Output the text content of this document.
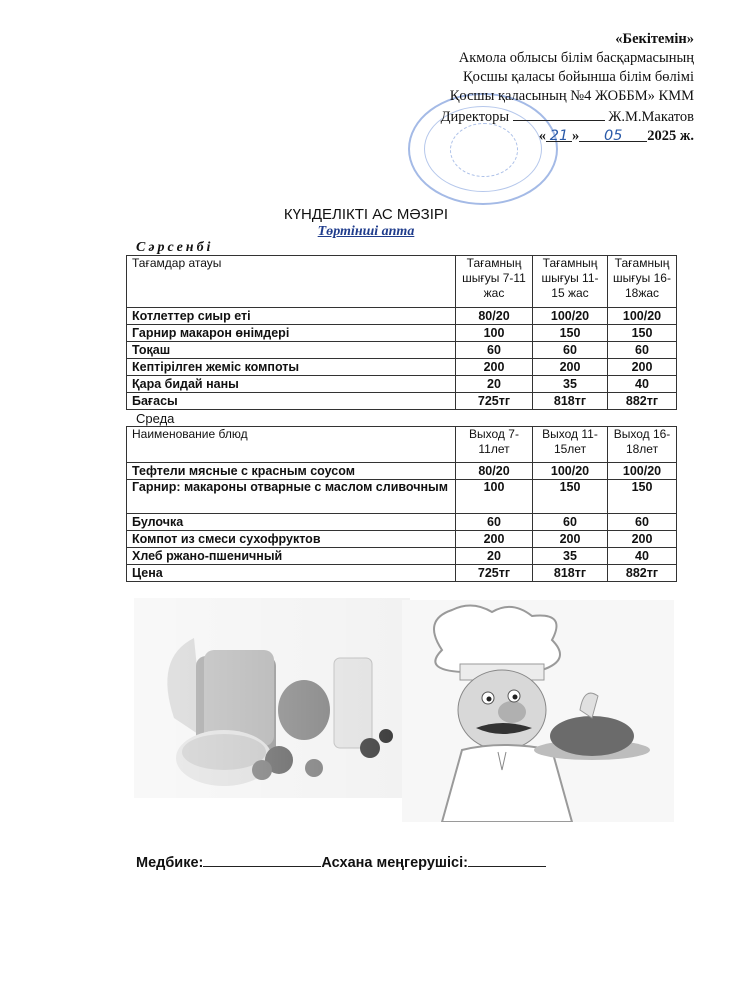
«Бекітемін»
Акмола облысы білім басқармасының
Қосшы қаласы бойынша білім бөлімі
Қосшы қаласының №4 ЖОББМ» КММ
Директоры	Ж.М.Макатов
« 21 » 05 2025 ж.
КҮНДЕЛІКТІ АС МӘЗІРІ
Төртінші апта
Сәрсенбі
Тағамдар атауы	Тағамның шығуы 7-11 жас	Тағамның шығуы 11-15 жас	Тағамның шығуы 16-18жас
Котлеттер сиыр еті	80/20	100/20	100/20
Гарнир макарон өнімдері	100	150	150
Тоқаш	60	60	60
Кептірілген жеміс компоты	200	200	200
Қара бидай наны	20	35	40
Бағасы	725тг	818тг	882тг
Среда
Наименование блюд	Выход 7-11лет	Выход 11-15лет	Выход 16-18лет
Тефтели мясные с красным соусом	80/20	100/20	100/20
Гарнир: макароны отварные с маслом сливочным	100	150	150
Булочка	60	60	60
Компот из смеси сухофруктов	200	200	200
Хлеб ржано-пшеничный	20	35	40
Цена	725тг	818тг	882тг
Медбике:	Асхана меңгерушісі:
